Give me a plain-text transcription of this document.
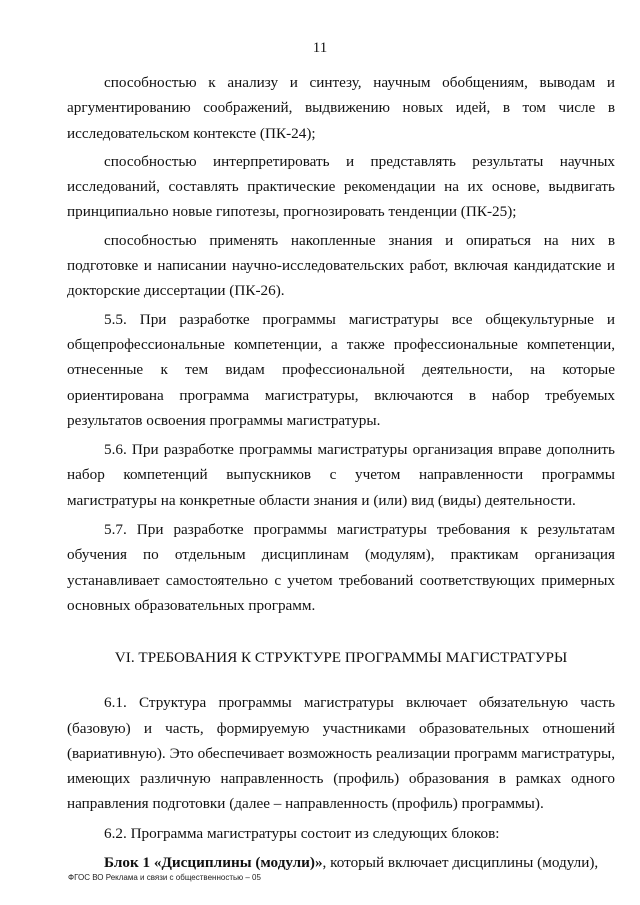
11

способностью к анализу и синтезу, научным обобщениям, выводам и аргументированию соображений, выдвижению новых идей, в том числе в исследовательском контексте (ПК-24);

способностью интерпретировать и представлять результаты научных исследований, составлять практические рекомендации на их основе, выдвигать принципиально новые гипотезы, прогнозировать тенденции (ПК-25);

способностью применять накопленные знания и опираться на них в подготовке и написании научно-исследовательских работ, включая кандидатские и докторские диссертации (ПК-26).

5.5. При разработке программы магистратуры все общекультурные и общепрофессиональные компетенции, а также профессиональные компетенции, отнесенные к тем видам профессиональной деятельности, на которые ориентирована программа магистратуры, включаются в набор требуемых результатов освоения программы магистратуры.

5.6. При разработке программы магистратуры организация вправе дополнить набор компетенций выпускников с учетом направленности программы магистратуры на конкретные области знания и (или) вид (виды) деятельности.

5.7. При разработке программы магистратуры требования к результатам обучения по отдельным дисциплинам (модулям), практикам организация устанавливает самостоятельно с учетом требований соответствующих примерных основных образовательных программ.

VI. ТРЕБОВАНИЯ К СТРУКТУРЕ ПРОГРАММЫ МАГИСТРАТУРЫ

6.1. Структура программы магистратуры включает обязательную часть (базовую) и часть, формируемую участниками образовательных отношений (вариативную). Это обеспечивает возможность реализации программ магистратуры, имеющих различную направленность (профиль) образования в рамках одного направления подготовки (далее – направленность (профиль) программы).

6.2. Программа магистратуры состоит из следующих блоков:

Блок 1 «Дисциплины (модули)», который включает дисциплины (модули),

ФГОС ВО Реклама и связи с общественностью – 05
